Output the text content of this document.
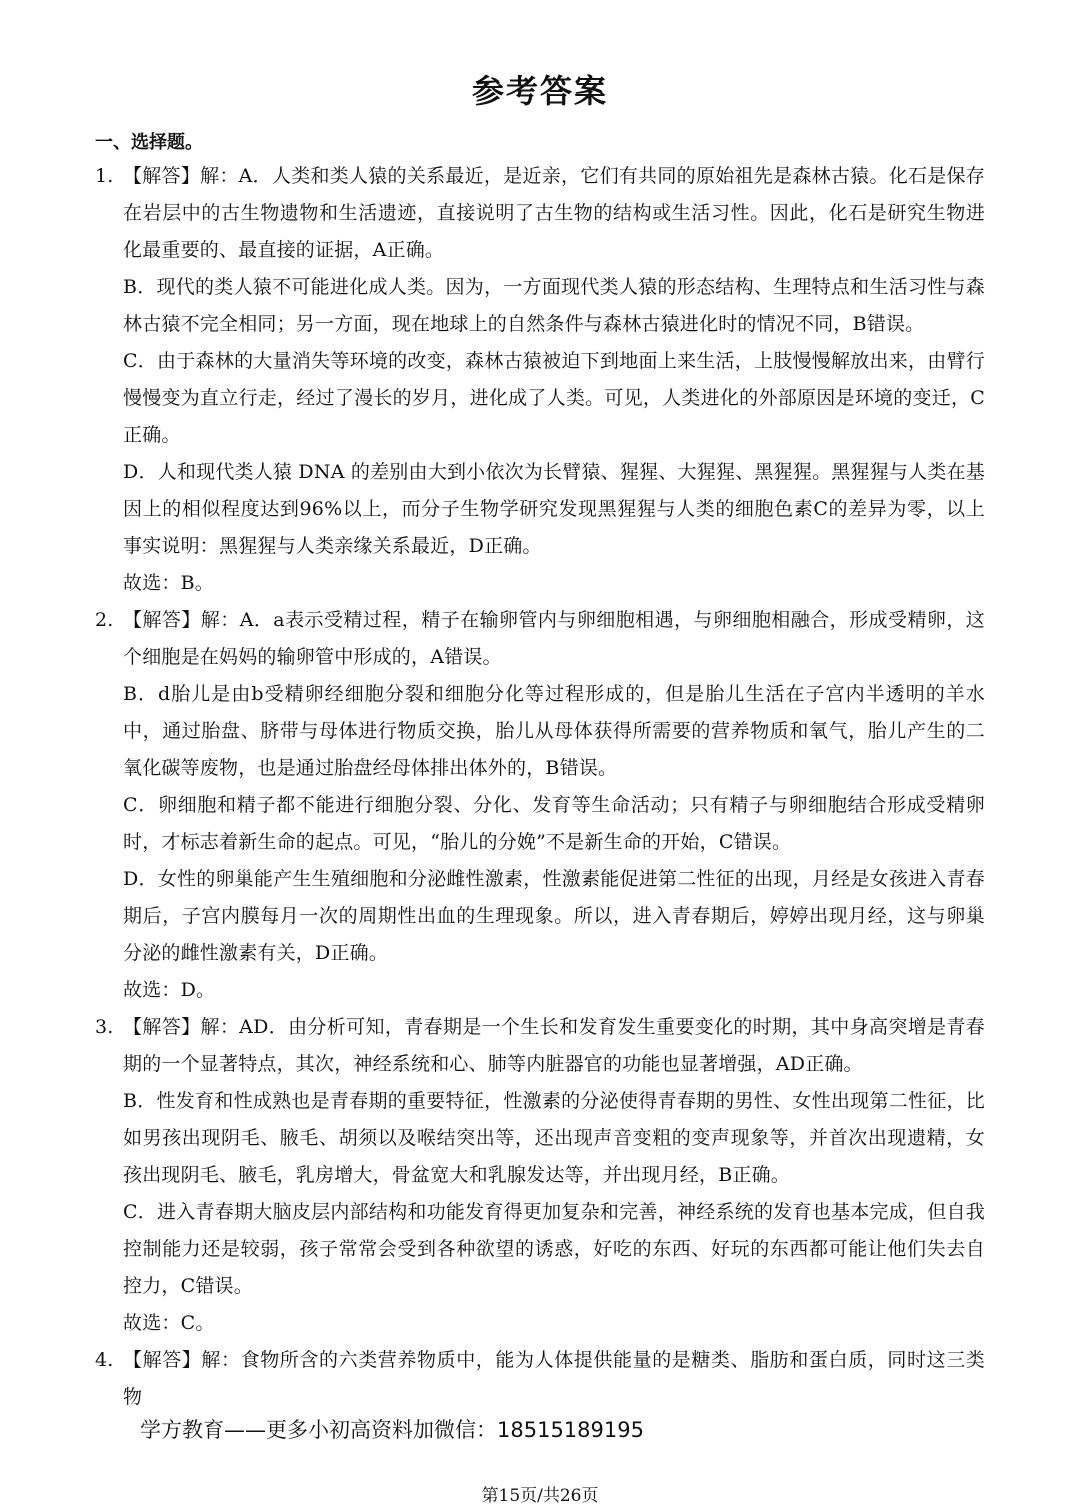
参考答案
一、选择题。
1. 【解答】解：A．人类和类人猿的关系最近，是近亲，它们有共同的原始祖先是森林古猿。化石是保存在岩层中的古生物遗物和生活遗迹，直接说明了古生物的结构或生活习性。因此，化石是研究生物进化最重要的、最直接的证据，A正确。
B．现代的类人猿不可能进化成人类。因为，一方面现代类人猿的形态结构、生理特点和生活习性与森林古猿不完全相同；另一方面，现在地球上的自然条件与森林古猿进化时的情况不同，B错误。
C．由于森林的大量消失等环境的改变，森林古猿被迫下到地面上来生活，上肢慢慢解放出来，由臂行慢慢变为直立行走，经过了漫长的岁月，进化成了人类。可见，人类进化的外部原因是环境的变迁，C正确。
D．人和现代类人猿 DNA 的差别由大到小依次为长臂猿、猩猩、大猩猩、黑猩猩。黑猩猩与人类在基因上的相似程度达到96%以上，而分子生物学研究发现黑猩猩与人类的细胞色素C的差异为零，以上事实说明：黑猩猩与人类亲缘关系最近，D正确。
故选：B。
2. 【解答】解：A．a表示受精过程，精子在输卵管内与卵细胞相遇，与卵细胞相融合，形成受精卵，这个细胞是在妈妈的输卵管中形成的，A错误。
B．d胎儿是由b受精卵经细胞分裂和细胞分化等过程形成的，但是胎儿生活在子宫内半透明的羊水中，通过胎盘、脐带与母体进行物质交换，胎儿从母体获得所需要的营养物质和氧气，胎儿产生的二氧化碳等废物，也是通过胎盘经母体排出体外的，B错误。
C．卵细胞和精子都不能进行细胞分裂、分化、发育等生命活动；只有精子与卵细胞结合形成受精卵时，才标志着新生命的起点。可见，“胎儿的分娩”不是新生命的开始，C错误。
D．女性的卵巢能产生生殖细胞和分泌雌性激素，性激素能促进第二性征的出现，月经是女孩进入青春期后，子宫内膜每月一次的周期性出血的生理现象。所以，进入青春期后，婷婷出现月经，这与卵巢分泌的雌性激素有关，D正确。
故选：D。
3. 【解答】解：AD．由分析可知，青春期是一个生长和发育发生重要变化的时期，其中身高突增是青春期的一个显著特点，其次，神经系统和心、肺等内脏器官的功能也显著增强，AD正确。
B．性发育和性成熟也是青春期的重要特征，性激素的分泌使得青春期的男性、女性出现第二性征，比如男孩出现阴毛、腋毛、胡须以及喉结突出等，还出现声音变粗的变声现象等，并首次出现遗精，女孩出现阴毛、腋毛，乳房增大，骨盆宽大和乳腺发达等，并出现月经，B正确。
C．进入青春期大脑皮层内部结构和功能发育得更加复杂和完善，神经系统的发育也基本完成，但自我控制能力还是较弱，孩子常常会受到各种欲望的诱惑，好吃的东西、好玩的东西都可能让他们失去自控力，C错误。
故选：C。
4. 【解答】解：食物所含的六类营养物质中，能为人体提供能量的是糖类、脂肪和蛋白质，同时这三类物
学方教育——更多小初高资料加微信：18515189195
第15页/共26页
